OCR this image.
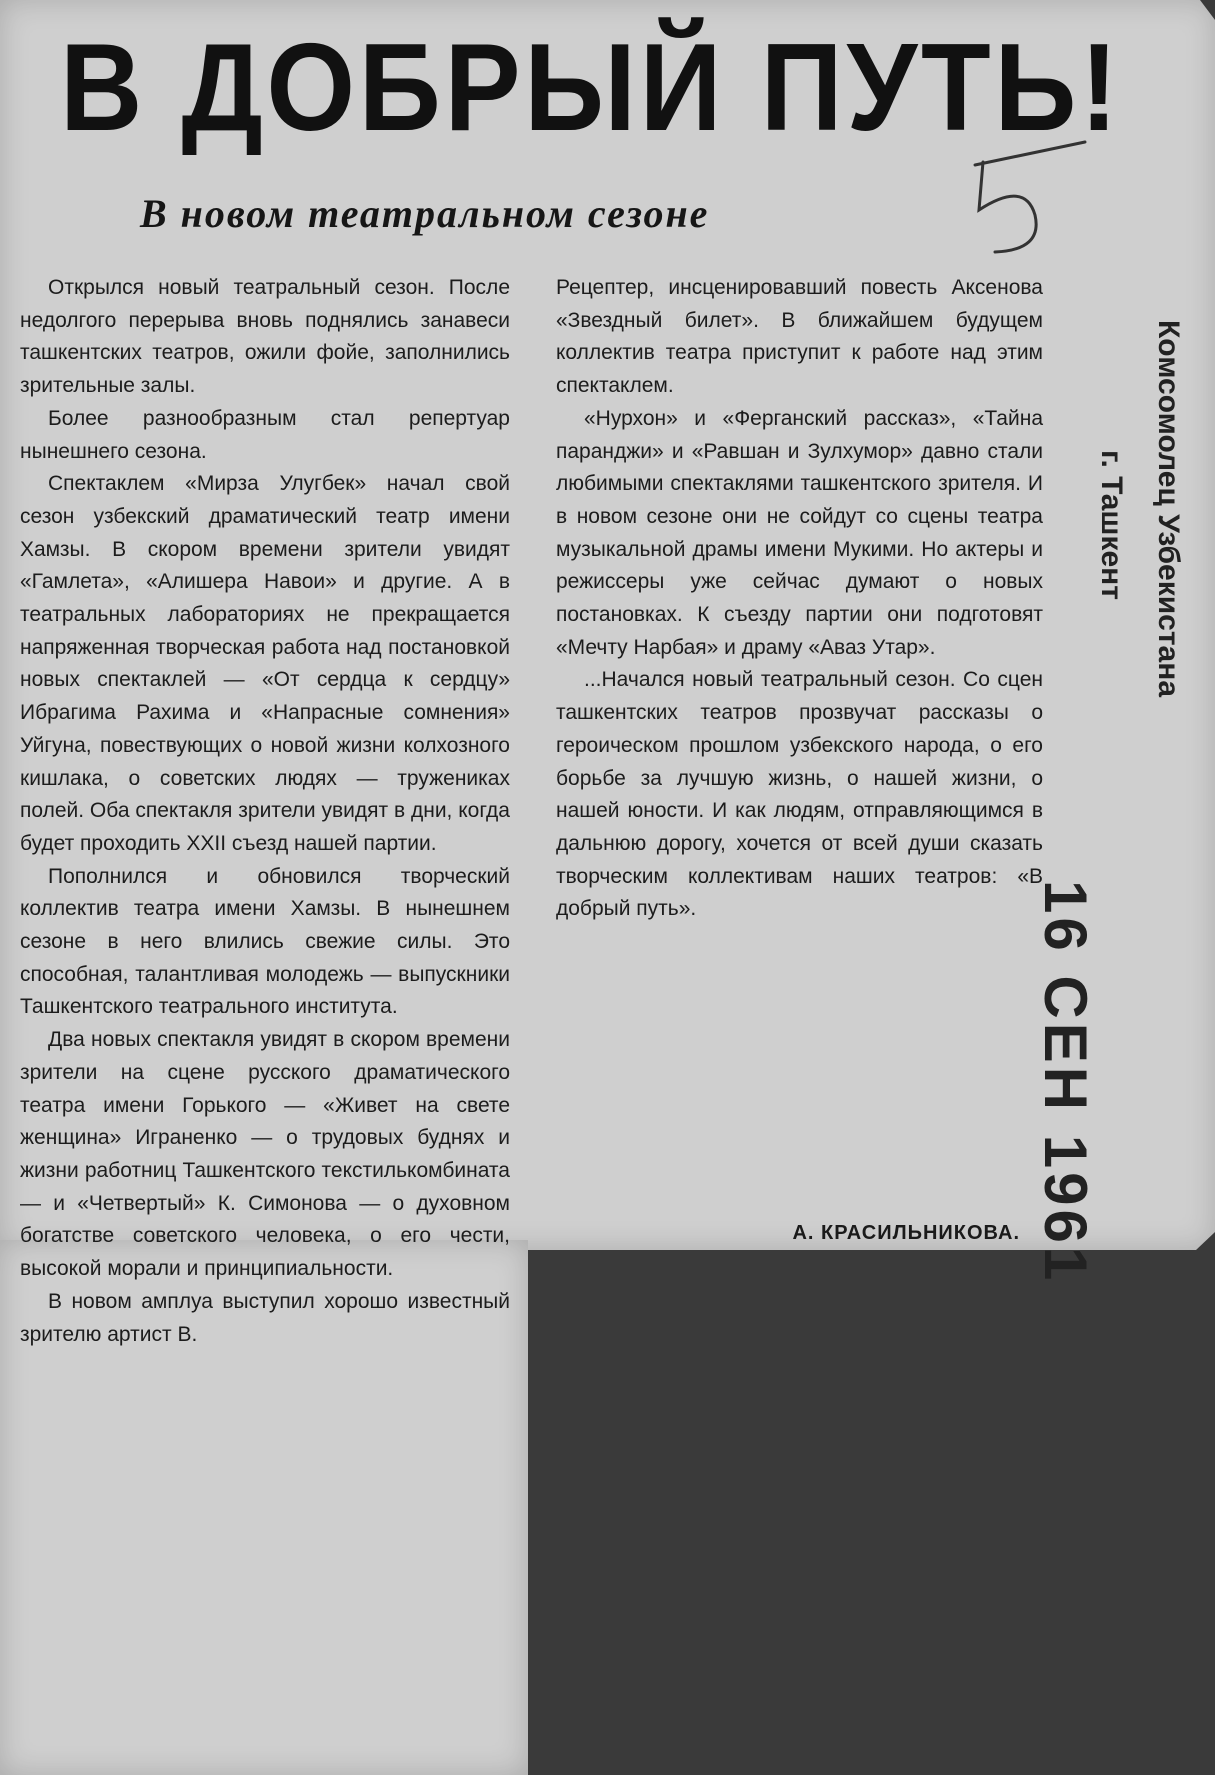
В ДОБРЫЙ ПУТЬ!
В новом театральном сезоне

Открылся новый театральный сезон. После недолгого перерыва вновь поднялись занавеси ташкентских театров, ожили фойе, заполнились зрительные залы.

Более разнообразным стал репертуар нынешнего сезона.

Спектаклем «Мирза Улугбек» начал свой сезон узбекский драматический театр имени Хамзы. В скором времени зрители увидят «Гамлета», «Алишера Навои» и другие. А в театральных лабораториях не прекращается напряженная творческая работа над постановкой новых спектаклей — «От сердца к сердцу» Ибрагима Рахима и «Напрасные сомнения» Уйгуна, повествующих о новой жизни колхозного кишлака, о советских людях — тружениках полей. Оба спектакля зрители увидят в дни, когда будет проходить XXII съезд нашей партии.

Пополнился и обновился творческий коллектив театра имени Хамзы. В нынешнем сезоне в него влились свежие силы. Это способная, талантливая молодежь — выпускники Ташкентского театрального института.

Два новых спектакля увидят в скором времени зрители на сцене русского драматического театра имени Горького — «Живет на свете женщина» Играненко — о трудовых буднях и жизни работниц Ташкентского текстилькомбината — и «Четвертый» К. Симонова — о духовном богатстве советского человека, о его чести, высокой морали и принципиальности.

В новом амплуа выступил хорошо известный зрителю артист В.

Рецептер, инсценировавший повесть Аксенова «Звездный билет». В ближайшем будущем коллектив театра приступит к работе над этим спектаклем.

«Нурхон» и «Ферганский рассказ», «Тайна паранджи» и «Равшан и Зулхумор» давно стали любимыми спектаклями ташкентского зрителя. И в новом сезоне они не сойдут со сцены театра музыкальной драмы имени Мукими. Но актеры и режиссеры уже сейчас думают о новых постановках. К съезду партии они подготовят «Мечту Нарбая» и драму «Аваз Утар».

...Начался новый театральный сезон. Со сцен ташкентских театров прозвучат рассказы о героическом прошлом узбекского народа, о его борьбе за лучшую жизнь, о нашей жизни, о нашей юности. И как людям, отправляющимся в дальнюю дорогу, хочется от всей души сказать творческим коллективам наших театров: «В добрый путь».

А. КРАСИЛЬНИКОВА.
Комсомолец Узбекистана
г. Ташкент
16 СЕН 1961
